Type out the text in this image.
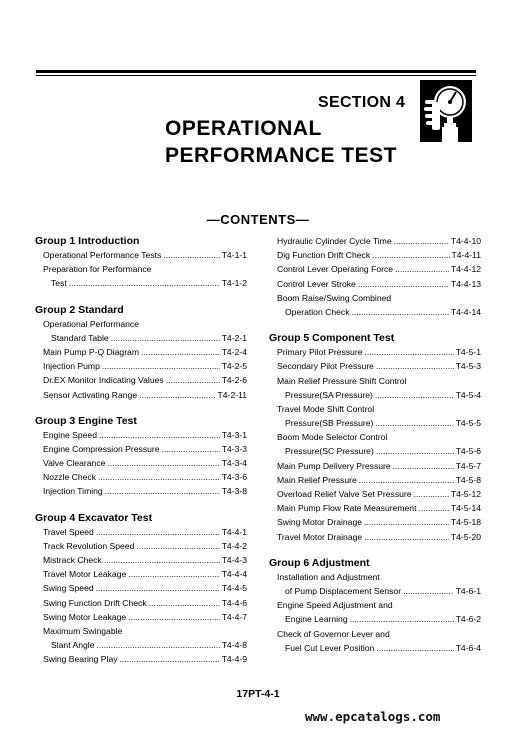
SECTION 4
OPERATIONAL
PERFORMANCE TEST
—CONTENTS—
Group 1 Introduction
Operational Performance Tests .....	T4-1-1
Preparation for Performance
Test .....	T4-1-2
Group 2 Standard
Operational Performance
Standard Table .....	T4-2-1
Main Pump P-Q Diagram .....	T4-2-4
Injection Pump .....	T4-2-5
Dr.EX Monitor Indicating Values .....	T4-2-6
Sensor Activating Range .....	T4-2-11
Group 3 Engine Test
Engine Speed .....	T4-3-1
Engine Compression Pressure .....	T4-3-3
Valve Clearance .....	T4-3-4
Nozzle Check .....	T4-3-6
Injection Timing .....	T4-3-8
Group 4 Excavator Test
Travel Speed .....	T4-4-1
Track Revolution Speed .....	T4-4-2
Mistrack Check .....	T4-4-3
Travel Motor Leakage .....	T4-4-4
Swing Speed .....	T4-4-5
Swing Function Drift Check .....	T4-4-6
Swing Motor Leakage .....	T4-4-7
Maximum Swingable
Slant Angle .....	T4-4-8
Swing Bearing Play .....	T4-4-9
Hydraulic Cylinder Cycle Time .....	T4-4-10
Dig Function Drift Check .....	T4-4-11
Control Lever Operating Force .....	T4-4-12
Control Lever Stroke .....	T4-4-13
Boom Raise/Swing Combined
Operation Check .....	T4-4-14
Group 5 Component Test
Primary Pilot Pressure .....	T4-5-1
Secondary Pilot Pressure .....	T4-5-3
Main Relief Pressure Shift Control
Pressure(SA Pressure) .....	T4-5-4
Travel Mode Shift Control
Pressure(SB Pressure) .....	T4-5-5
Boom Mode Selector Control
Pressure(SC Pressure) .....	T4-5-6
Main Pump Delivery Pressure .....	T4-5-7
Main Relief Pressure .....	T4-5-8
Overload Relief Valve Set Pressure .....	T4-5-12
Main Pump Flow Rate Measurement .....	T4-5-14
Swing Motor Drainage .....	T4-5-18
Travel Motor Drainage .....	T4-5-20
Group 6 Adjustment
Installation and Adjustment
of Pump Displacement Sensor .....	T4-6-1
Engine Speed Adjustment and
Engine Learning .....	T4-6-2
Check of Governor Lever and
Fuel Cut Lever Position .....	T4-6-4
17PT-4-1
www.epcatalogs.com
